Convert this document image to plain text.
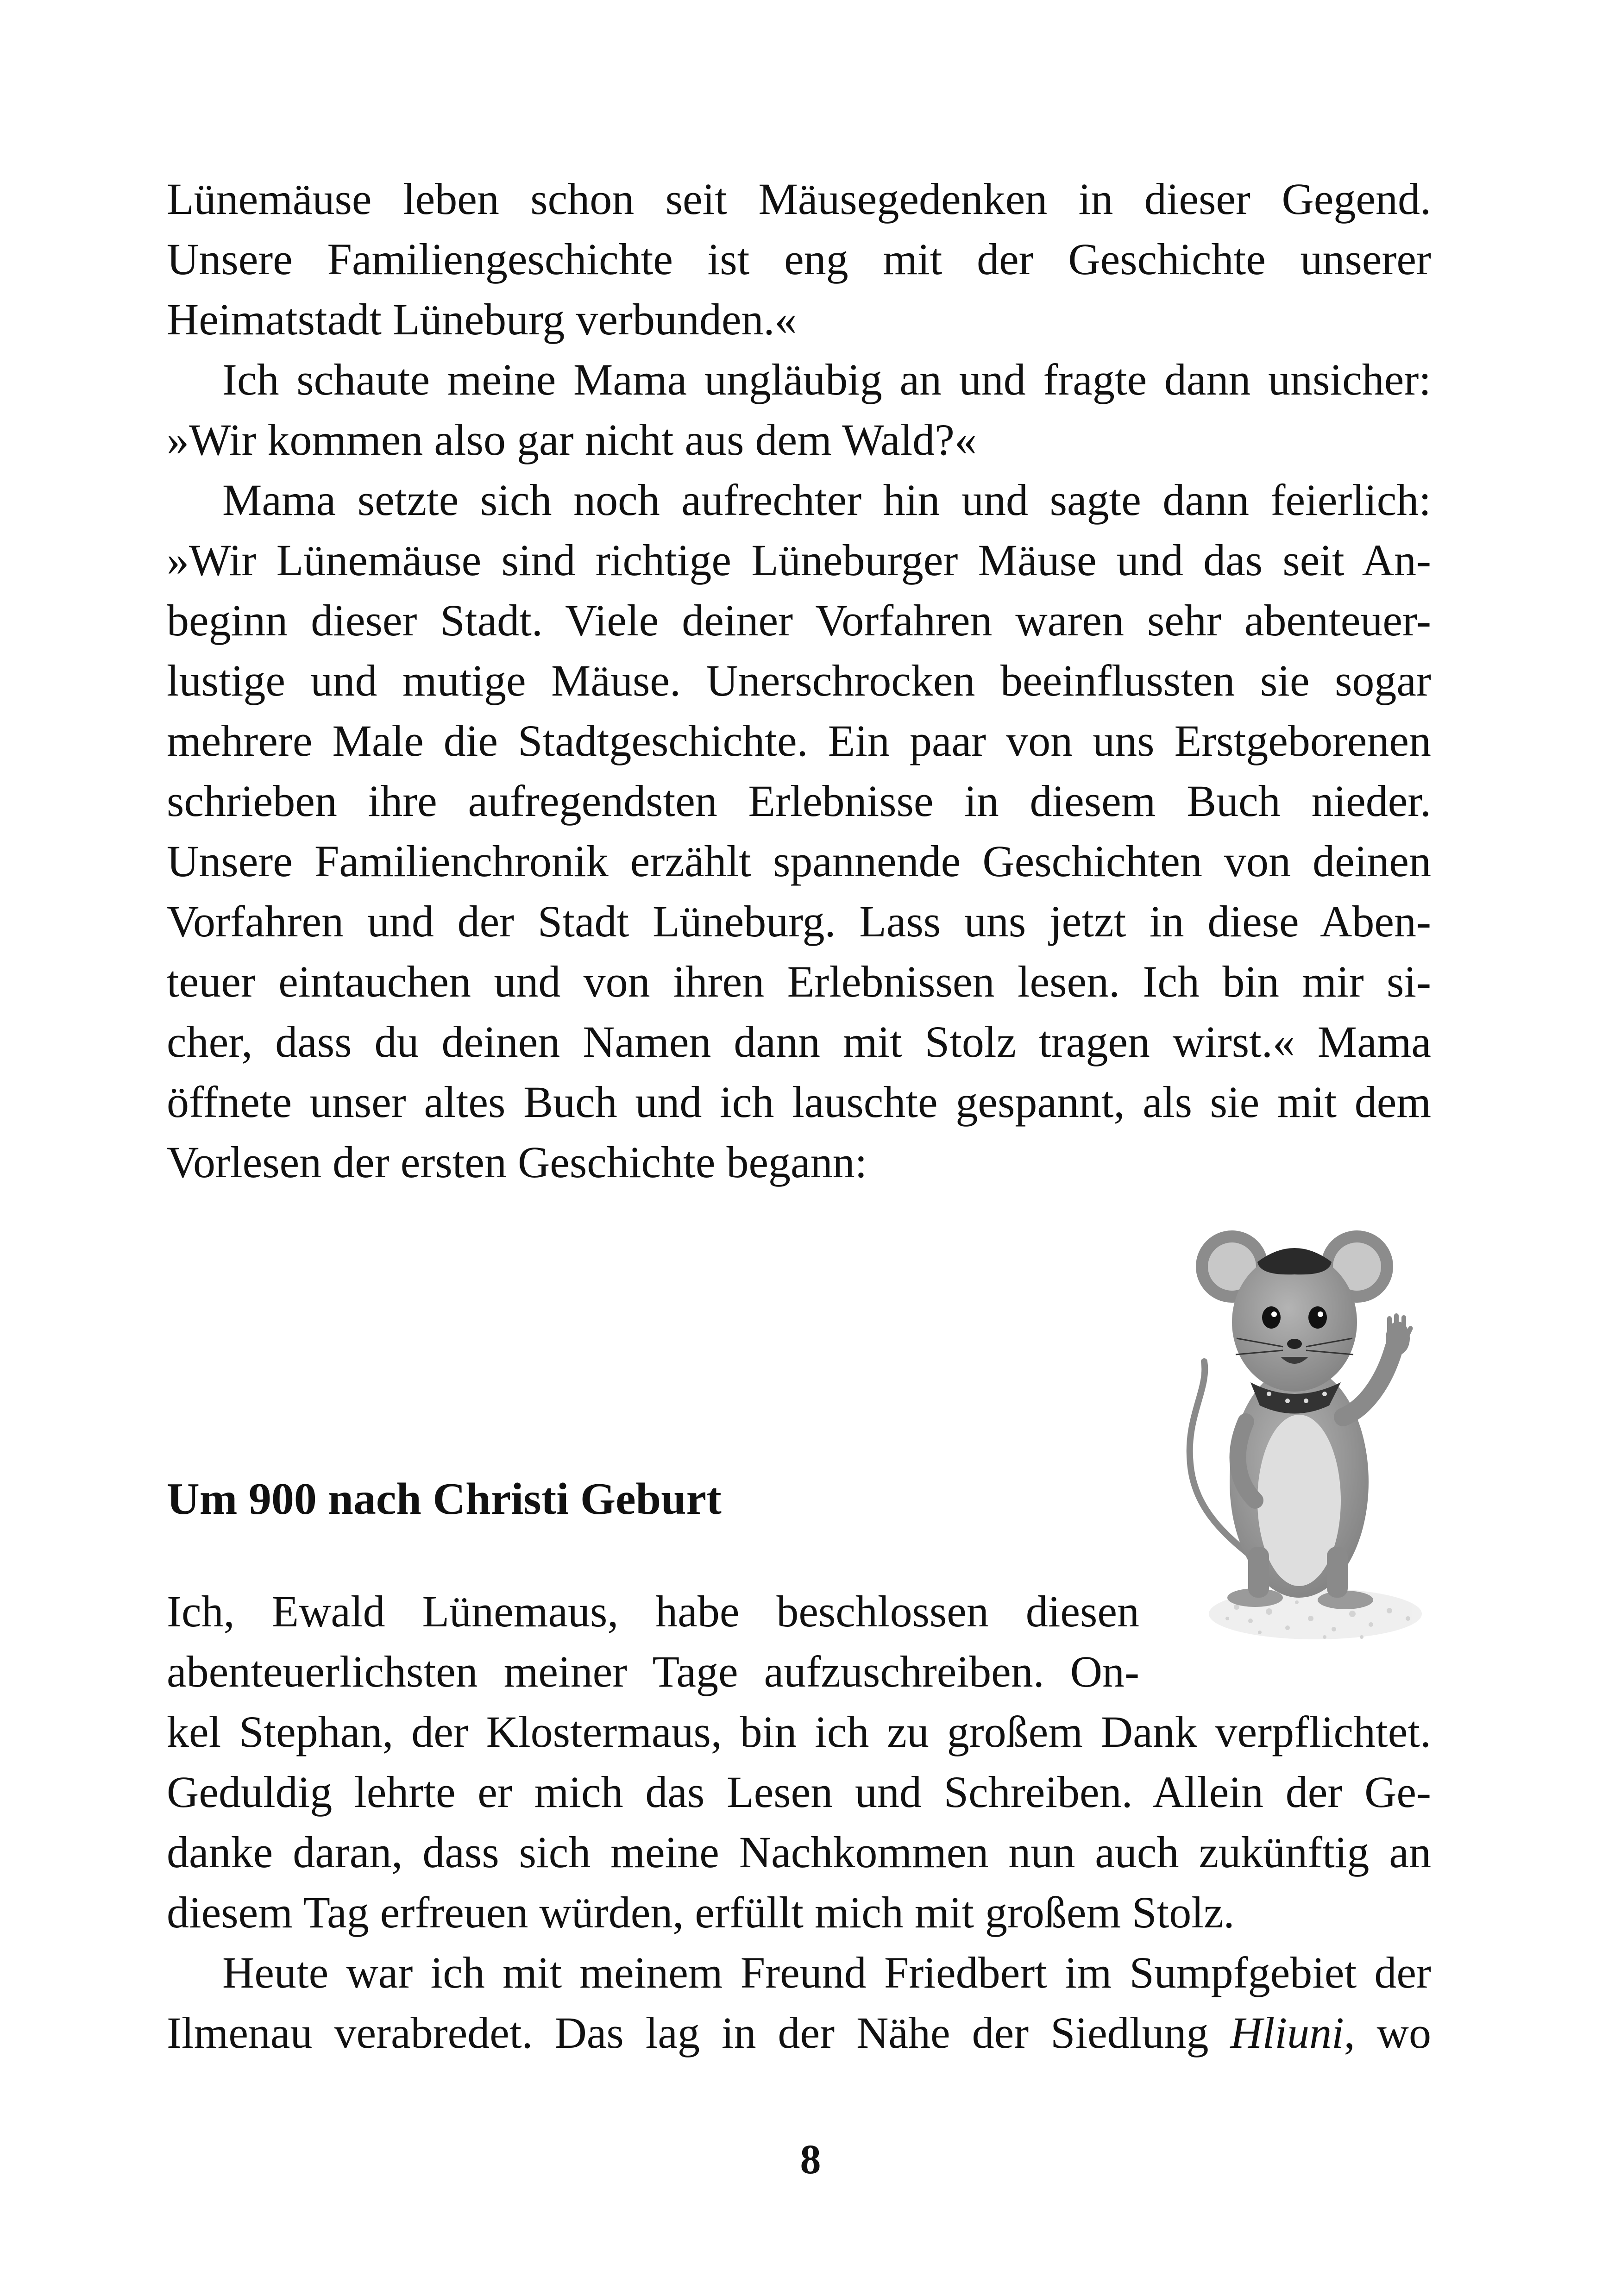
Lünemäuse leben schon seit Mäusegedenken in dieser Gegend.
Unsere Familiengeschichte ist eng mit der Geschichte unserer
Heimatstadt Lüneburg verbunden.«
Ich schaute meine Mama ungläubig an und fragte dann unsicher:
»Wir kommen also gar nicht aus dem Wald?«
Mama setzte sich noch aufrechter hin und sagte dann feierlich:
»Wir Lünemäuse sind richtige Lüneburger Mäuse und das seit An-
beginn dieser Stadt. Viele deiner Vorfahren waren sehr abenteuer-
lustige und mutige Mäuse. Unerschrocken beeinflussten sie sogar
mehrere Male die Stadtgeschichte. Ein paar von uns Erstgeborenen
schrieben ihre aufregendsten Erlebnisse in diesem Buch nieder.
Unsere Familienchronik erzählt spannende Geschichten von deinen
Vorfahren und der Stadt Lüneburg. Lass uns jetzt in diese Aben-
teuer eintauchen und von ihren Erlebnissen lesen. Ich bin mir si-
cher, dass du deinen Namen dann mit Stolz tragen wirst.« Mama
öffnete unser altes Buch und ich lauschte gespannt, als sie mit dem
Vorlesen der ersten Geschichte begann:
Um 900 nach Christi Geburt
Ich, Ewald Lünemaus, habe beschlossen diesen
abenteuerlichsten meiner Tage aufzuschreiben. On-
kel Stephan, der Klostermaus, bin ich zu großem Dank verpflichtet.
Geduldig lehrte er mich das Lesen und Schreiben. Allein der Ge-
danke daran, dass sich meine Nachkommen nun auch zukünftig an
diesem Tag erfreuen würden, erfüllt mich mit großem Stolz.
Heute war ich mit meinem Freund Friedbert im Sumpfgebiet der
Ilmenau verabredet. Das lag in der Nähe der Siedlung Hliuni, wo
8
